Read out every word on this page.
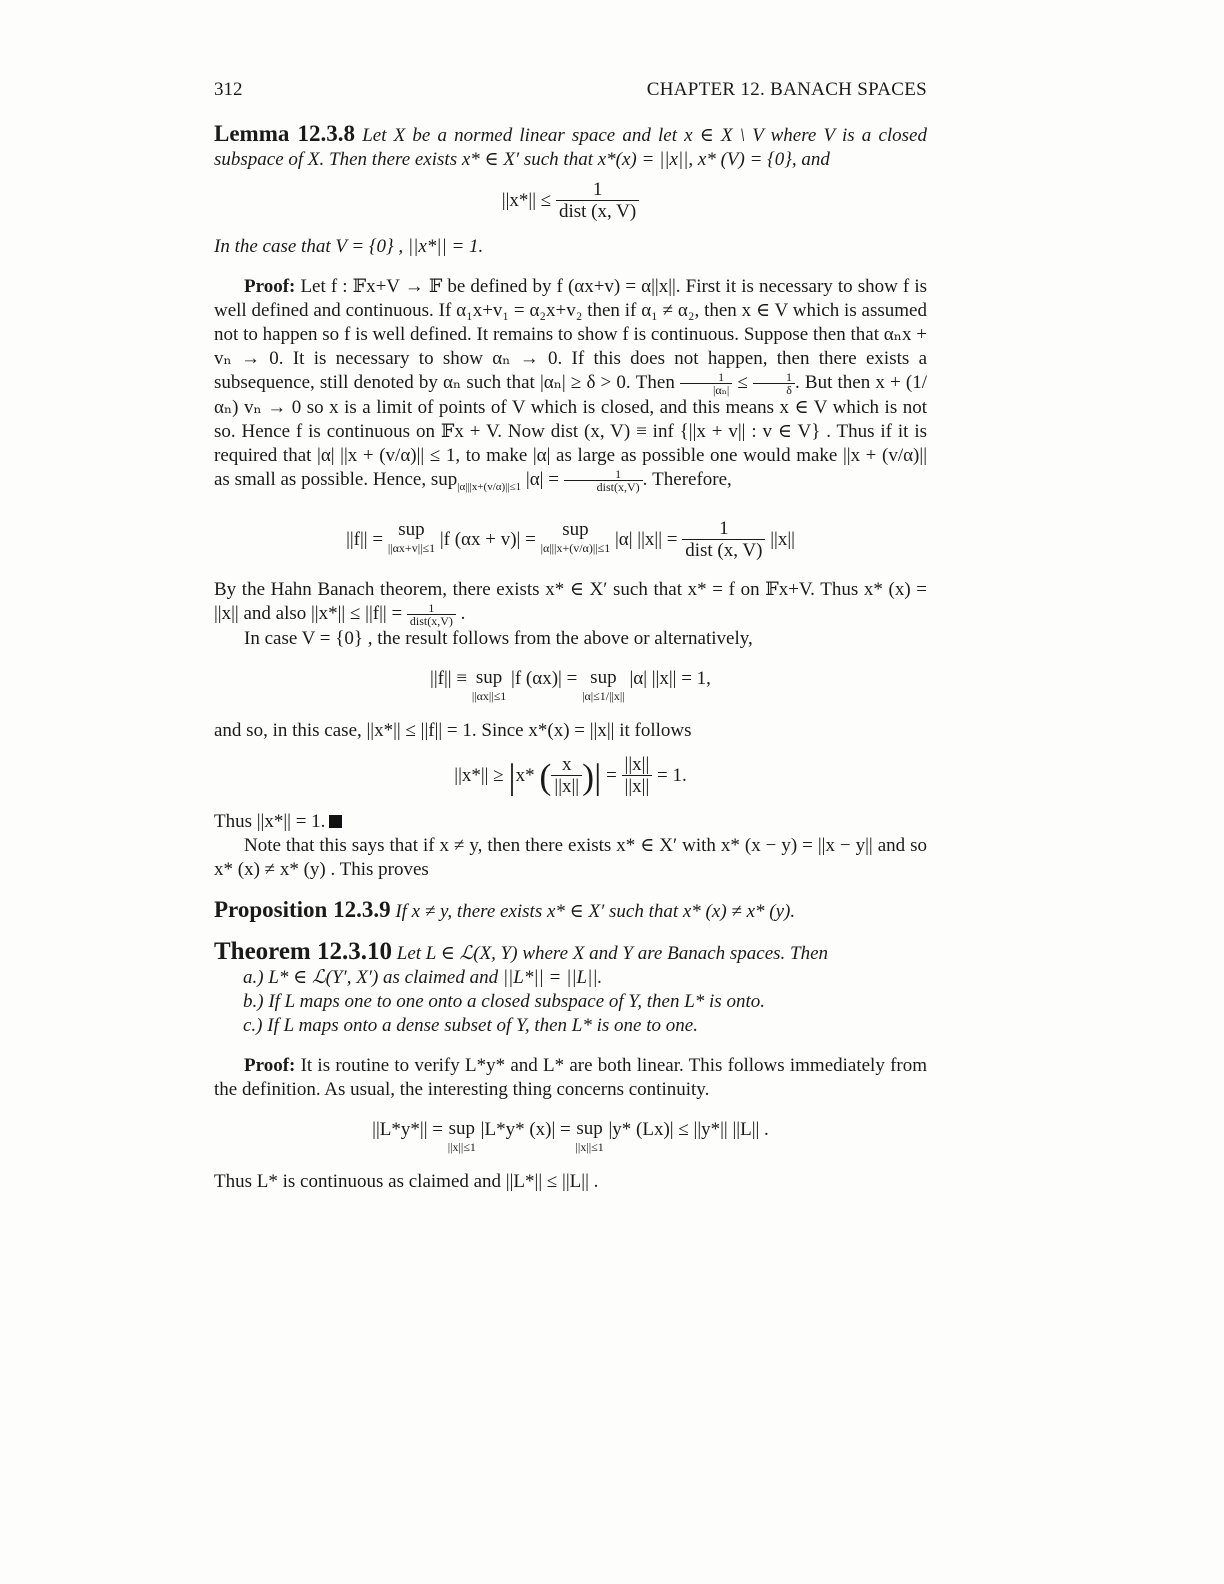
312	CHAPTER 12. BANACH SPACES

Lemma 12.3.8 Let X be a normed linear space and let x ∈ X \ V where V is a closed subspace of X. Then there exists x* ∈ X′ such that x*(x) = ||x||, x* (V) = {0}, and

$||x*|| \le \frac{1}{\text{dist (x, V)}}$

In the case that V = {0} , ||x*|| = 1.

Proof: Let f : 𝔽x+V → 𝔽 be defined by f (αx+v) = α||x||. First it is necessary to show f is well defined and continuous. If α₁x+v₁ = α₂x+v₂ then if α₁ ≠ α₂, then x ∈ V which is assumed not to happen so f is well defined. It remains to show f is continuous. Suppose then that αₙx + vₙ → 0. It is necessary to show αₙ → 0. If this does not happen, then there exists a subsequence, still denoted by αₙ such that |αₙ| ≥ δ > 0. Then $\frac{1}{\text{|αₙ|}} \le \frac{1}{\delta}$ . But then x + (1/αₙ) vₙ → 0 so x is a limit of points of V which is closed, and this means x ∈ V which is not so. Hence f is continuous on 𝔽x + V. Now dist (x, V) ≡ inf {||x + v|| : v ∈ V} . Thus if it is required that |α| ||x + (v/α)|| ≤ 1, to make |α| as large as possible one would make ||x + (v/α)|| as small as possible. Hence, sup$_{|\alpha|||x+(v/\alpha)||\le 1}$ $|\alpha| = \frac{1}{\text{dist(x,V)}}$ . Therefore,

||f|| = sup
||αx+v||≤1 |f (αx + v)| =	sup
|α|||x+(v/α)||≤1 |α| $||x|| = \frac{1}{\text{dist (x, V)}} ||x||$

By the Hahn Banach theorem, there exists x* ∈ X′ such that x* = f on 𝔽x+V. Thus x* (x) = ||x|| and also $||x*|| \le ||f|| = \frac{1}{\text{dist(x,V)}}$ .

In case V = {0} , the result follows from the above or alternatively,

||f|| ≡ sup
||αx||≤1
|f (αx)| = sup
|α|≤1/||x||
|α| ||x|| = 1,

and so, in this case, ||x*|| ≤ ||f|| = 1. Since x*(x) = ||x|| it follows

||x*|| ≥ |x* ( $\frac{x}{||x||}$ )| = $\frac{||x||}{||x||} = 1$.

Thus ||x*|| = 1.

Note that this says that if x ≠ y, then there exists x* ∈ X′ with x* (x − y) = ||x − y|| and so x* (x) ≠ x* (y) . This proves

Proposition 12.3.9 If x ≠ y, there exists x* ∈ X′ such that x* (x) ≠ x* (y).

Theorem 12.3.10 Let L ∈ ℒ(X, Y) where X and Y are Banach spaces. Then

a.) L* ∈ ℒ(Y′, X′) as claimed and ||L*|| = ||L||.
b.) If L maps one to one onto a closed subspace of Y, then L* is onto.
c.) If L maps onto a dense subset of Y, then L* is one to one.

Proof: It is routine to verify L*y* and L* are both linear. This follows immediately from the definition. As usual, the interesting thing concerns continuity.

||L*y*|| = sup
||x||≤1
|L*y* (x)| = sup
||x||≤1
|y* (Lx)| ≤ ||y*|| ||L|| .

Thus L* is continuous as claimed and ||L*|| ≤ ||L|| .
